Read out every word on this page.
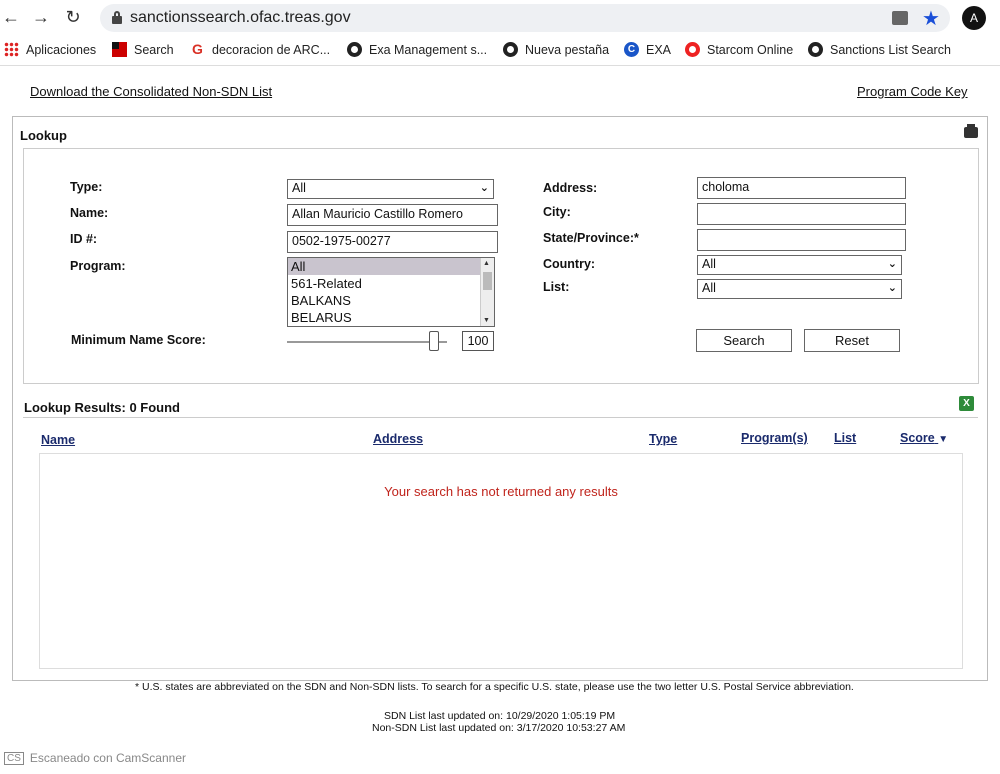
← → ↻	sanctionssearch.ofac.treas.gov	★	A
Aplicaciones	Search G decoracion de ARC...	Exa Management s...	Nueva pestaña	C EXA	Starcom Online	Sanctions List Search
Download the Consolidated Non-SDN List	Program Code Key
Lookup
Type:	All	⌄
Name:	Allan Mauricio Castillo Romero
ID #:	0502-1975-00277
Program:	All
561-Related
BALKANS
BELARUS
▲
▼
Minimum Name Score:	100
Address:	choloma
City:
State/Province:*
Country:	All	⌄
List:	All	⌄
Search	Reset
Lookup Results: 0 Found	X
Name	Address	Type	Program(s) List	Score ▼
Your search has not returned any results
* U.S. states are abbreviated on the SDN and Non-SDN lists. To search for a specific U.S. state, please use the two letter U.S. Postal Service abbreviation.
SDN List last updated on: 10/29/2020 1:05:19 PM
Non-SDN List last updated on: 3/17/2020 10:53:27 AM
CS Escaneado con CamScanner
